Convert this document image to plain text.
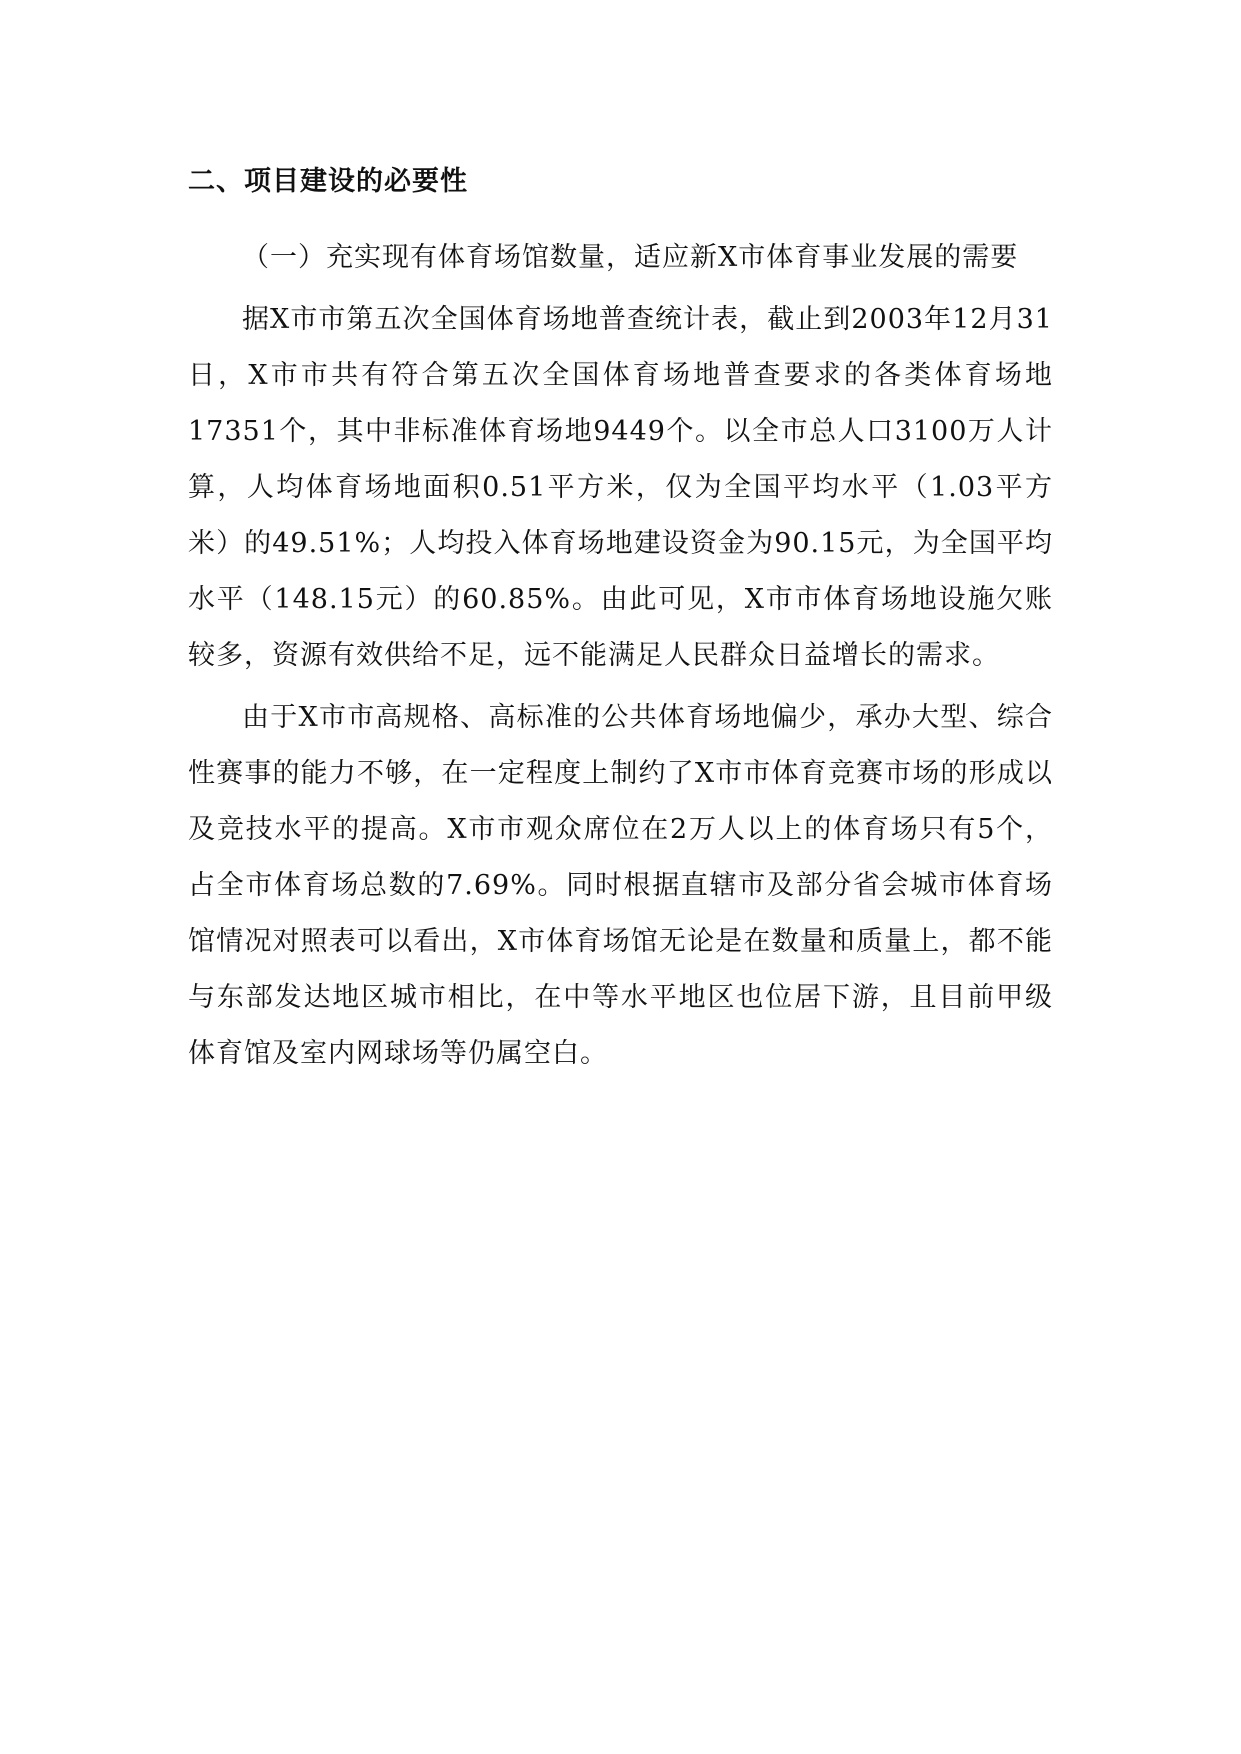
二、项目建设的必要性

（一）充实现有体育场馆数量，适应新X市体育事业发展的需要

据X市市第五次全国体育场地普查统计表，截止到2003年12月31日，X市市共有符合第五次全国体育场地普查要求的各类体育场地17351个，其中非标准体育场地9449个。以全市总人口3100万人计算，人均体育场地面积0.51平方米，仅为全国平均水平（1.03平方米）的49.51%；人均投入体育场地建设资金为90.15元，为全国平均水平（148.15元）的60.85%。由此可见，X市市体育场地设施欠账较多，资源有效供给不足，远不能满足人民群众日益增长的需求。

由于X市市高规格、高标准的公共体育场地偏少，承办大型、综合性赛事的能力不够，在一定程度上制约了X市市体育竞赛市场的形成以及竞技水平的提高。X市市观众席位在2万人以上的体育场只有5个，占全市体育场总数的7.69%。同时根据直辖市及部分省会城市体育场馆情况对照表可以看出，X市体育场馆无论是在数量和质量上，都不能与东部发达地区城市相比，在中等水平地区也位居下游，且目前甲级体育馆及室内网球场等仍属空白。
